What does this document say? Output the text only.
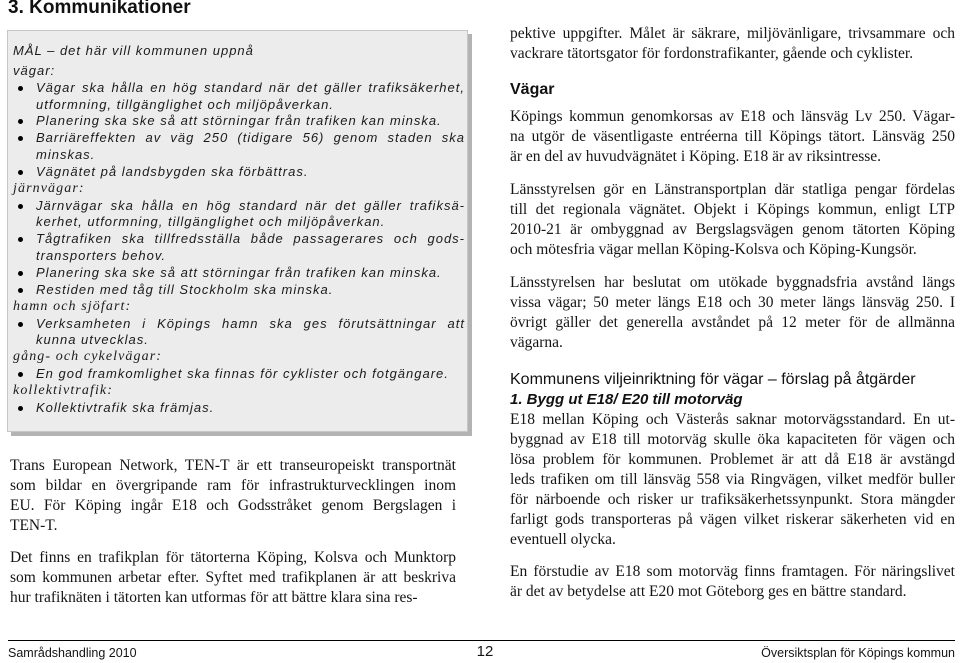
3. Kommunikationer
MÅL – det här vill kommunen uppnå
vägar:
Vägar ska hålla en hög standard när det gäller trafiksäkerhet,
utformning, tillgänglighet och miljöpåverkan.
Planering ska ske så att störningar från trafiken kan minska.
Barriäreffekten av väg 250 (tidigare 56) genom staden ska
minskas.
Vägnätet på landsbygden ska förbättras.
järnvägar:
Järnvägar ska hålla en hög standard när det gäller trafiksä-
kerhet, utformning, tillgänglighet och miljöpåverkan.
Tågtrafiken ska tillfredsställa både passagerares och gods-
transporters behov.
Planering ska ske så att störningar från trafiken kan minska.
Restiden med tåg till Stockholm ska minska.
hamn och sjöfart:
Verksamheten i Köpings hamn ska ges förutsättningar att
kunna utvecklas.
gång- och cykelvägar:
En god framkomlighet ska finnas för cyklister och fotgängare.
kollektivtrafik:
Kollektivtrafik ska främjas.
Trans European Network, TEN-T är ett transeuropeiskt transportnät
som bildar en övergripande ram för infrastrukturvecklingen inom
EU. För Köping ingår E18 och Godsstråket genom Bergslagen i
TEN-T.
Det finns en trafikplan för tätorterna Köping, Kolsva och Munktorp
som kommunen arbetar efter. Syftet med trafikplanen är att beskriva
hur trafiknäten i tätorten kan utformas för att bättre klara sina res-
pektive uppgifter. Målet är säkrare, miljövänligare, trivsammare och
vackrare tätortsgator för fordonstrafikanter, gående och cyklister.
Vägar
Köpings kommun genomkorsas av E18 och länsväg Lv 250. Vägar-
na utgör de väsentligaste entréerna till Köpings tätort. Länsväg 250
är en del av huvudvägnätet i Köping. E18 är av riksintresse.
Länsstyrelsen gör en Länstransportplan där statliga pengar fördelas
till det regionala vägnätet. Objekt i Köpings kommun, enligt LTP
2010-21 är ombyggnad av Bergslagsvägen genom tätorten Köping
och mötesfria vägar mellan Köping-Kolsva och Köping-Kungsör.
Länsstyrelsen har beslutat om utökade byggnadsfria avstånd längs
vissa vägar; 50 meter längs E18 och 30 meter längs länsväg 250. I
övrigt gäller det generella avståndet på 12 meter för de allmänna
vägarna.
Kommunens viljeinriktning för vägar – förslag på åtgärder
1. Bygg ut E18/ E20 till motorväg
E18 mellan Köping och Västerås saknar motorvägsstandard. En ut-
byggnad av E18 till motorväg skulle öka kapaciteten för vägen och
lösa problem för kommunen. Problemet är att då E18 är avstängd
leds trafiken om till länsväg 558 via Ringvägen, vilket medför buller
för närboende och risker ur trafiksäkerhetssynpunkt. Stora mängder
farligt gods transporteras på vägen vilket riskerar säkerheten vid en
eventuell olycka.
En förstudie av E18 som motorväg finns framtagen. För näringslivet
är det av betydelse att E20 mot Göteborg ges en bättre standard.
Samrådshandling 2010	12	Översiktsplan för Köpings kommun
